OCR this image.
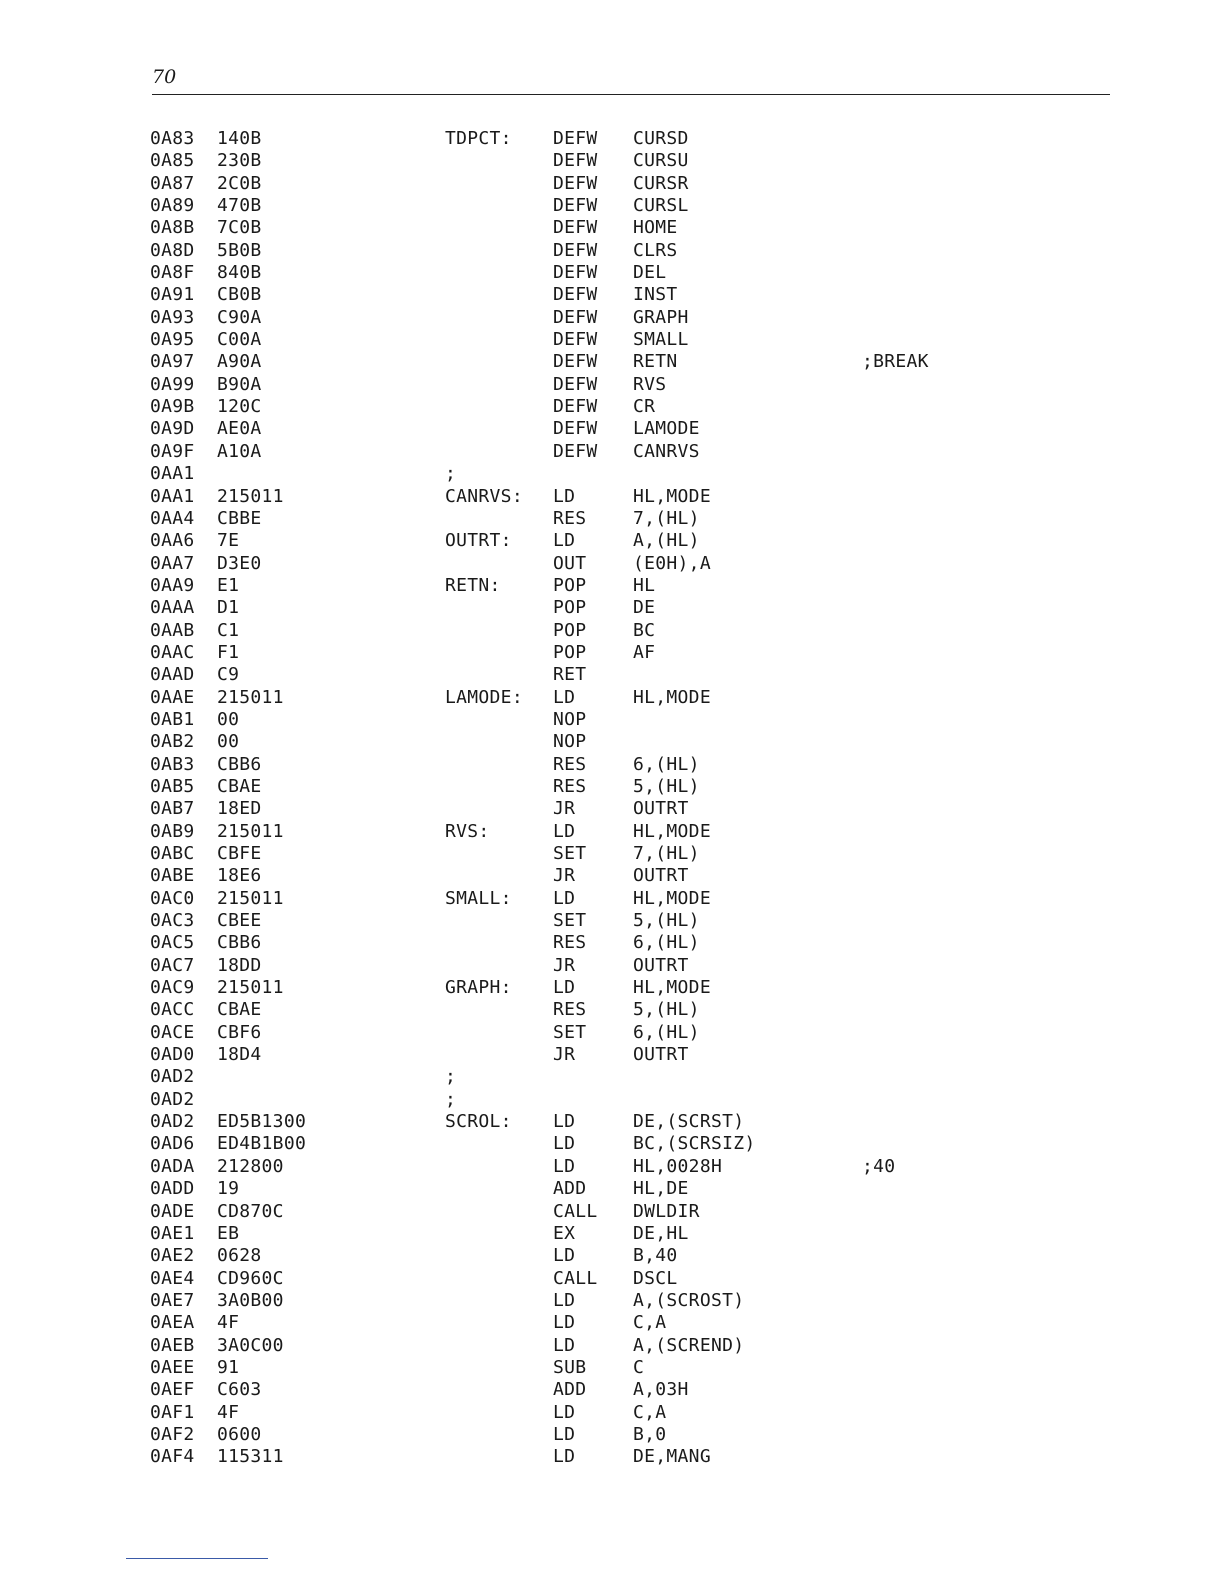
70
0A83 140B	TDPCT: DEFW CURSD
0A85 230B	DEFW CURSU
0A87 2C0B	DEFW CURSR
0A89 470B	DEFW CURSL
0A8B 7C0B	DEFW HOME
0A8D 5B0B	DEFW CLRS
0A8F 840B	DEFW DEL
0A91 CB0B	DEFW INST
0A93 C90A	DEFW GRAPH
0A95 C00A	DEFW SMALL
0A97 A90A	DEFW RETN	;BREAK
0A99 B90A	DEFW RVS
0A9B 120C	DEFW CR
0A9D AE0A	DEFW LAMODE
0A9F A10A	DEFW CANRVS
0AA1	;
0AA1 215011	CANRVS: LD	HL,MODE
0AA4 CBBE	RES	7,(HL)
0AA6 7E	OUTRT: LD	A,(HL)
0AA7 D3E0	OUT	(E0H),A
0AA9 E1	RETN:	POP	HL
0AAA D1	POP	DE
0AAB C1	POP	BC
0AAC F1	POP	AF
0AAD C9	RET
0AAE 215011	LAMODE: LD	HL,MODE
0AB1 00	NOP
0AB2 00	NOP
0AB3 CBB6	RES	6,(HL)
0AB5 CBAE	RES	5,(HL)
0AB7 18ED	JR	OUTRT
0AB9 215011	RVS:	LD	HL,MODE
0ABC CBFE	SET	7,(HL)
0ABE 18E6	JR	OUTRT
0AC0 215011	SMALL: LD	HL,MODE
0AC3 CBEE	SET	5,(HL)
0AC5 CBB6	RES	6,(HL)
0AC7 18DD	JR	OUTRT
0AC9 215011	GRAPH: LD	HL,MODE
0ACC CBAE	RES	5,(HL)
0ACE CBF6	SET	6,(HL)
0AD0 18D4	JR	OUTRT
0AD2	;
0AD2	;
0AD2 ED5B1300	SCROL: LD	DE,(SCRST)
0AD6 ED4B1B00	LD	BC,(SCRSIZ)
0ADA 212800	LD	HL,0028H	;40
0ADD 19	ADD	HL,DE
0ADE CD870C	CALL DWLDIR
0AE1 EB	EX	DE,HL
0AE2 0628	LD	B,40
0AE4 CD960C	CALL DSCL
0AE7 3A0B00	LD	A,(SCROST)
0AEA 4F	LD	C,A
0AEB 3A0C00	LD	A,(SCREND)
0AEE 91	SUB	C
0AEF C603	ADD	A,03H
0AF1 4F	LD	C,A
0AF2 0600	LD	B,0
0AF4 115311	LD	DE,MANG
